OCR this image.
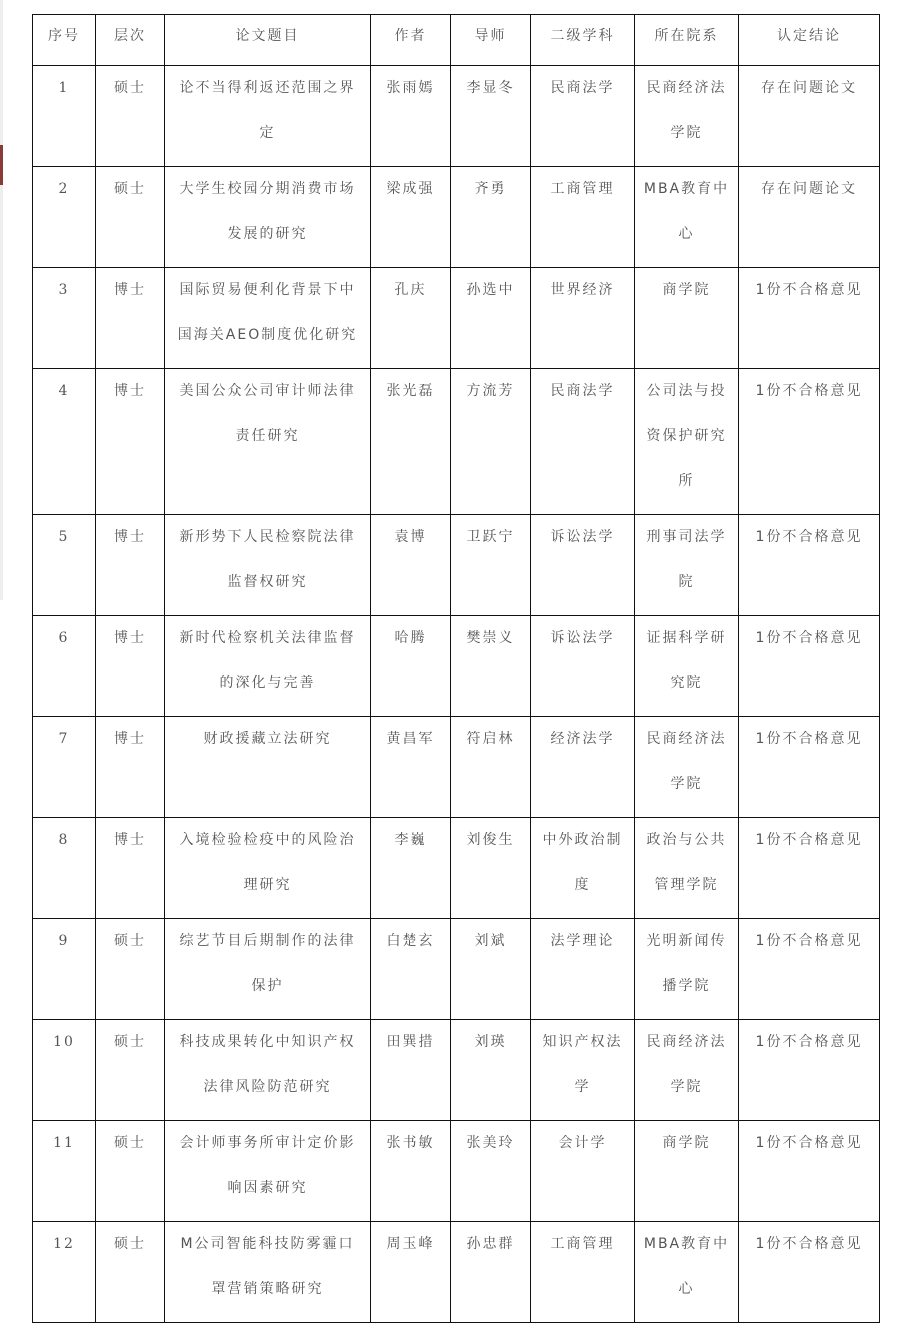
序号	层次	论文题目	作者	导师	二级学科	所在院系	认定结论
1	硕士	论不当得利返还范围之界定	张雨嫣	李显冬	民商法学	民商经济法学院	存在问题论文
2	硕士	大学生校园分期消费市场发展的研究	梁成强	齐勇	工商管理	MBA教育中心	存在问题论文
3	博士	国际贸易便利化背景下中国海关AEO制度优化研究	孔庆	孙选中	世界经济	商学院	1份不合格意见
4	博士	美国公众公司审计师法律责任研究	张光磊	方流芳	民商法学	公司法与投资保护研究所	1份不合格意见
5	博士	新形势下人民检察院法律监督权研究	袁博	卫跃宁	诉讼法学	刑事司法学院	1份不合格意见
6	博士	新时代检察机关法律监督的深化与完善	哈腾	樊崇义	诉讼法学	证据科学研究院	1份不合格意见
7	博士	财政援藏立法研究	黄昌军	符启林	经济法学	民商经济法学院	1份不合格意见
8	博士	入境检验检疫中的风险治理研究	李巍	刘俊生	中外政治制度	政治与公共管理学院	1份不合格意见
9	硕士	综艺节目后期制作的法律保护	白楚玄	刘斌	法学理论	光明新闻传播学院	1份不合格意见
10	硕士	科技成果转化中知识产权法律风险防范研究	田巽措	刘瑛	知识产权法学	民商经济法学院	1份不合格意见
11	硕士	会计师事务所审计定价影响因素研究	张书敏	张美玲	会计学	商学院	1份不合格意见
12	硕士	M公司智能科技防雾霾口罩营销策略研究	周玉峰	孙忠群	工商管理	MBA教育中心	1份不合格意见
